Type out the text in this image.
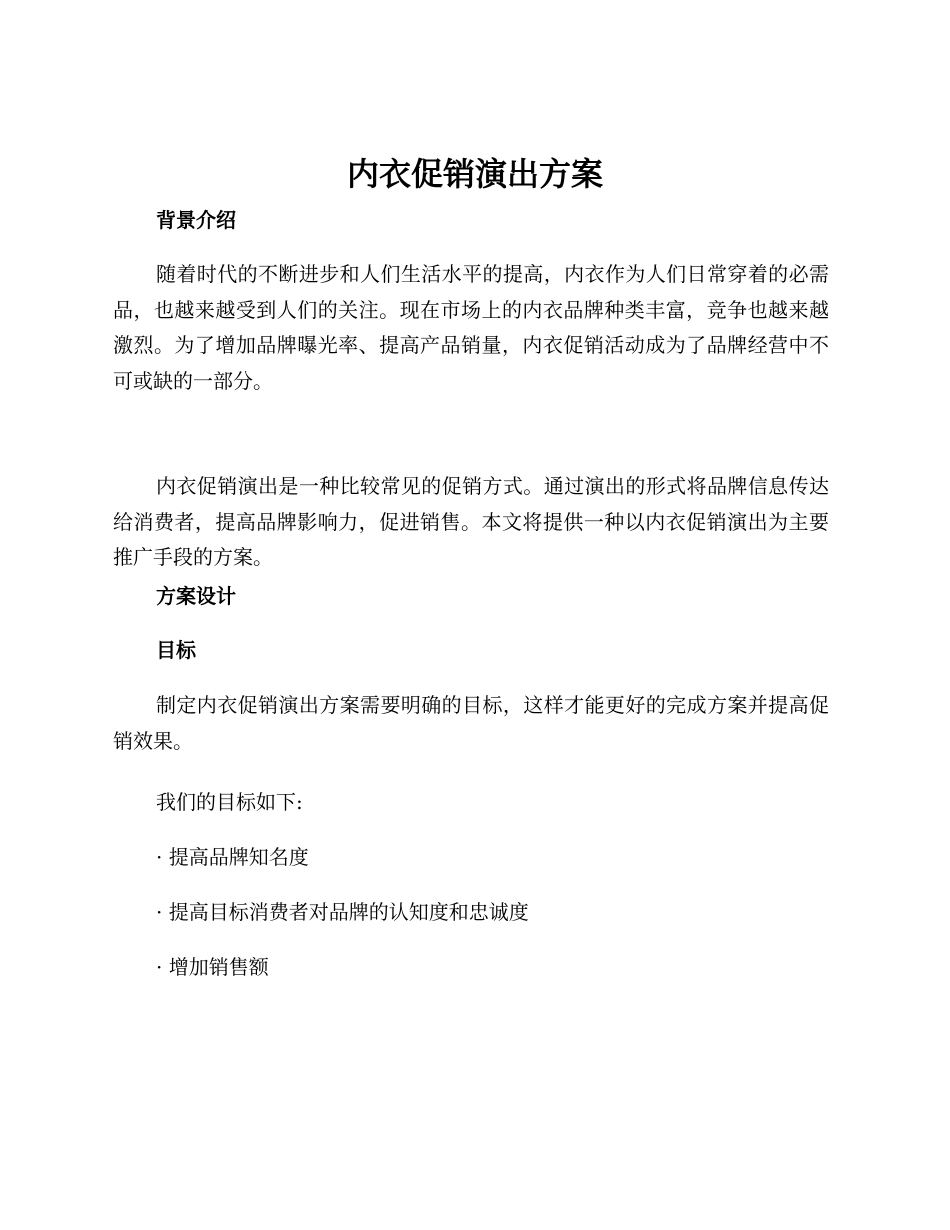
内衣促销演出方案
背景介绍

随着时代的不断进步和人们生活水平的提高，内衣作为人们日常穿着的必需品，也越来越受到人们的关注。现在市场上的内衣品牌种类丰富，竞争也越来越激烈。为了增加品牌曝光率、提高产品销量，内衣促销活动成为了品牌经营中不可或缺的一部分。

内衣促销演出是一种比较常见的促销方式。通过演出的形式将品牌信息传达给消费者，提高品牌影响力，促进销售。本文将提供一种以内衣促销演出为主要推广手段的方案。

方案设计
目标

制定内衣促销演出方案需要明确的目标，这样才能更好的完成方案并提高促销效果。

我们的目标如下:
· 提高品牌知名度
· 提高目标消费者对品牌的认知度和忠诚度
· 增加销售额
